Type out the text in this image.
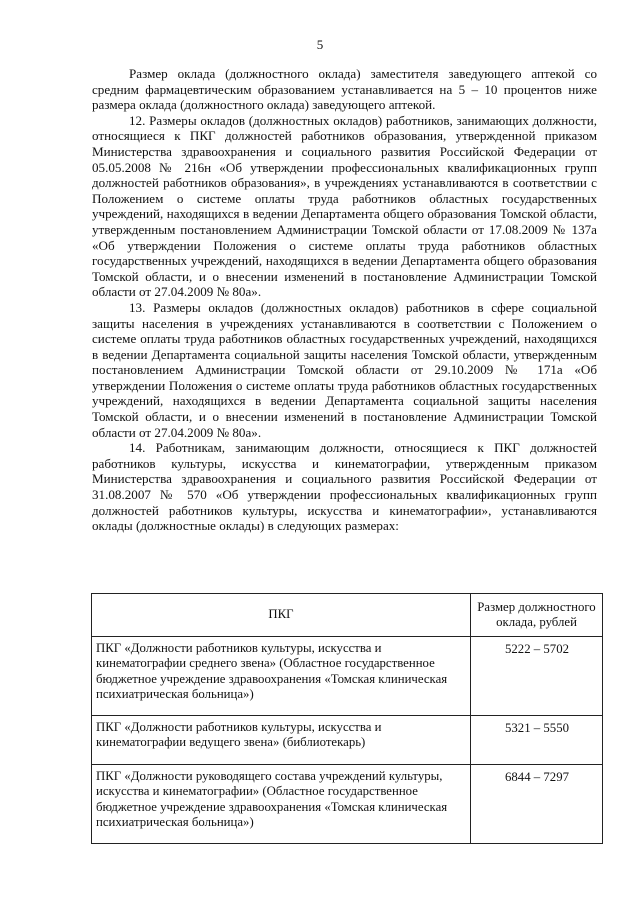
5

Размер оклада (должностного оклада) заместителя заведующего аптекой со средним фармацевтическим образованием устанавливается на 5 – 10 процентов ниже размера оклада (должностного оклада) заведующего аптекой.

12. Размеры окладов (должностных окладов) работников, занимающих должности, относящиеся к ПКГ должностей работников образования, утвержденной приказом Министерства здравоохранения и социального развития Российской Федерации от 05.05.2008 № 216н «Об утверждении профессиональных квалификационных групп должностей работников образования», в учреждениях устанавливаются в соответствии с Положением о системе оплаты труда работников областных государственных учреждений, находящихся в ведении Департамента общего образования Томской области, утвержденным постановлением Администрации Томской области от 17.08.2009 № 137а «Об утверждении Положения о системе оплаты труда работников областных государственных учреждений, находящихся в ведении Департамента общего образования Томской области, и о внесении изменений в постановление Администрации Томской области от 27.04.2009 № 80а».

13. Размеры окладов (должностных окладов) работников в сфере социальной защиты населения в учреждениях устанавливаются в соответствии с Положением о системе оплаты труда работников областных государственных учреждений, находящихся в ведении Департамента социальной защиты населения Томской области, утвержденным постановлением Администрации Томской области от 29.10.2009 № 171а «Об утверждении Положения о системе оплаты труда работников областных государственных учреждений, находящихся в ведении Департамента социальной защиты населения Томской области, и о внесении изменений в постановление Администрации Томской области от 27.04.2009 № 80а».

14. Работникам, занимающим должности, относящиеся к ПКГ должностей работников культуры, искусства и кинематографии, утвержденным приказом Министерства здравоохранения и социального развития Российской Федерации от 31.08.2007 № 570 «Об утверждении профессиональных квалификационных групп должностей работников культуры, искусства и кинематографии», устанавливаются оклады (должностные оклады) в следующих размерах:

ПКГ	Размер должностного оклада, рублей
ПКГ «Должности работников культуры, искусства и кинематографии среднего звена» (Областное государственное бюджетное учреждение здравоохранения «Томская клиническая психиатрическая больница»)	5222 – 5702
ПКГ «Должности работников культуры, искусства и кинематографии ведущего звена» (библиотекарь)	5321 – 5550
ПКГ «Должности руководящего состава учреждений культуры, искусства и кинематографии» (Областное государственное бюджетное учреждение здравоохранения «Томская клиническая психиатрическая больница»)	6844 – 7297
